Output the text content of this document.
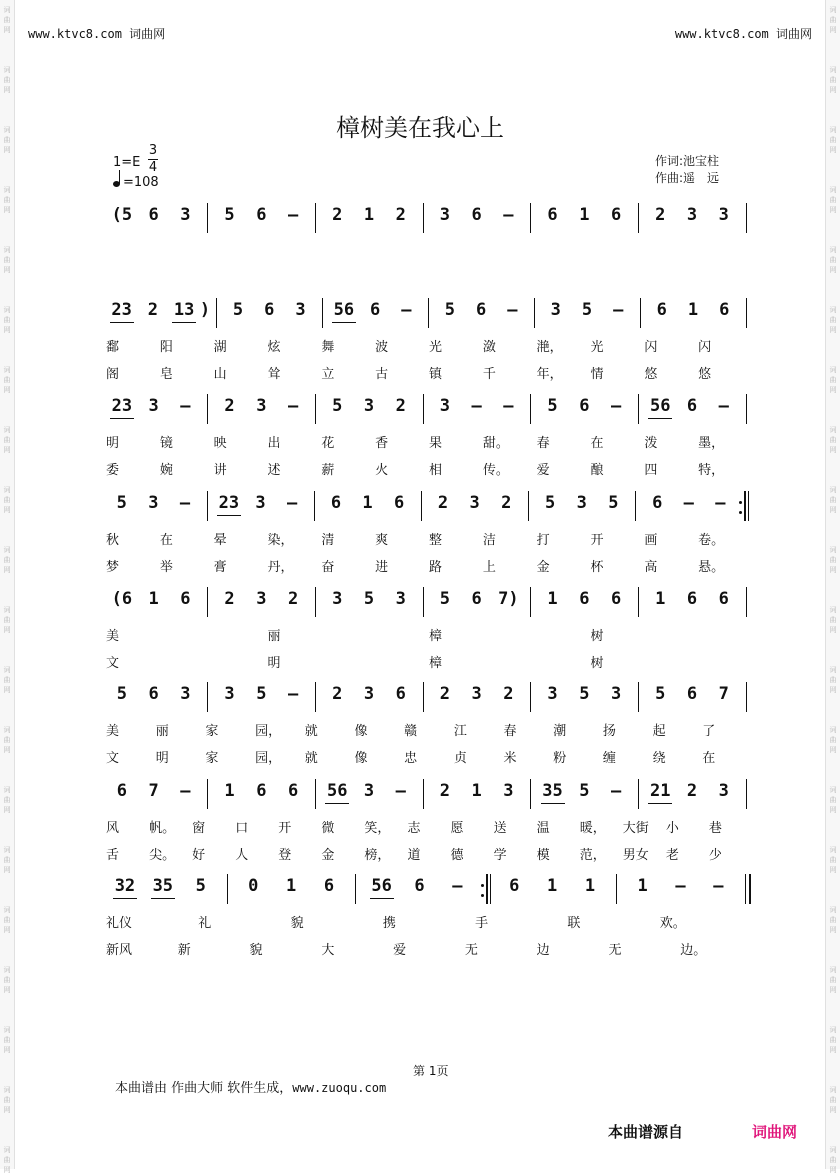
词
曲
网
词
曲
网
词
曲
网
词
曲
网
词
曲
网
词
曲
网
词
曲
网
词
曲
网
词
曲
网
词
曲
网
词
曲
网
词
曲
网
词
曲
网
词
曲
网
词
曲
网
词
曲
网
词
曲
网
词
曲
网
词
曲
网
词
曲
网
词
曲
网
词
曲
网
词
曲
网
词
曲
网
词
曲
网
词
曲
网
词
曲
网
词
曲
网
词
曲
网
词
曲
网
词
曲
网
词
曲
网
词
曲
网
词
曲
网
词
曲
网
词
曲
网
词
曲
网
词
曲
网
词
曲
网
词
曲
网
www.ktvc8.com 词曲网	www.ktvc8.com 词曲网
樟树美在我心上
1=E
3
4
=108
作词:池宝柱
作曲:遥　远
(5 6 3 5 6 – 2 1 2 3 6 – 6 1 6 2 3 3
23 2 13 ) 5 6 3 56 6 – 5 6 – 3 5 – 6 1 6
鄱	阳	湖	炫	舞	波	光	潋	滟， 光	闪	闪
阁	皂	山	耸	立	古	镇	千	年， 情	悠	悠
23 3 – 2 3 – 5 3 2 3 – – 5 6 – 56 6 –
明	镜	映	出	花	香	果	甜。 春	在	泼	墨，
委	婉	讲	述	薪	火	相	传。 爱	酿	四	特，
5 3 – 23 3 – 6 1 6 2 3 2 5 3 5 6 – –
秋	在	晕	染， 清	爽	整	洁	打	开	画	卷。
梦	举	膏	丹， 奋	进	路	上	金	杯	高	悬。
(6 1 6 2 3 2 3 5 3 5 6 7) 1 6 6 1 6 6
美	丽	樟	树
文	明	樟	树
5 6 3 3 5 – 2 3 6 2 3 2 3 5 3 5 6 7
美	丽	家	园， 就	像	赣	江	春	潮	扬	起	了
文	明	家	园， 就	像	忠	贞	米	粉	缠	绕	在
6 7 – 1 6 6 56 3 – 2 1 3 35 5 – 21 2 3
风 帆。 窗 口 开 微 笑， 志 愿 送 温 暖， 大街 小 巷
舌 尖。 好 人 登 金 榜， 道 德 学 模 范， 男女 老 少
32 35 5 0 1 6 56 6 –	6 1 1 1 – –
礼仪	礼	貌	携	手	联	欢。
新风	新	貌	大	爱	无	边	无	边。
第 1页
本曲谱由 作曲大师 软件生成，www.zuoqu.com
本曲谱源自	词曲网
